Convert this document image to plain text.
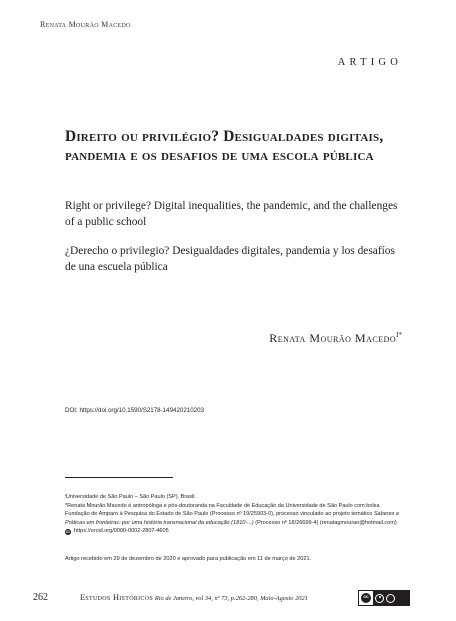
Renata Mourão Macedo
ARTIGO
Direito ou privilégio? Desigualdades digitais, pandemia e os desafios de uma escola pública
Right or privilege? Digital inequalities, the pandemic, and the challenges of a public school
¿Derecho o privilegio? Desigualdades digitales, pandemia y los desafíos de una escuela pública
Renata Mourão Macedo$^{I*}$
DOI: https://doi.org/10.1590/S2178-149420210203

ᴵUniversidade de São Paulo – São Paulo (SP), Brasil.

*Renata Mourão Macedo é antropóloga e pós-doutoranda na Faculdade de Educação da Universidade de São Paulo com bolsa Fundação de Amparo à Pesquisa do Estado de São Paulo (Processo nº 19/25903-0), processo vinculado ao projeto temático Saberes e Práticas em fronteiras: por uma história transnacional da educação (1810-...) (Processo nº 18/26699-4) (renatagmourao@hotmail.com)

iD https://orcid.org/0000-0002-2807-4605

Artigo recebido em 29 de dezembro de 2020 e aprovado para publicação em 11 de março de 2021.
262	Estudos Históricos Rio de Janeiro, vol 34, nº 73, p.262-280, Maio-Agosto 2021	cc
